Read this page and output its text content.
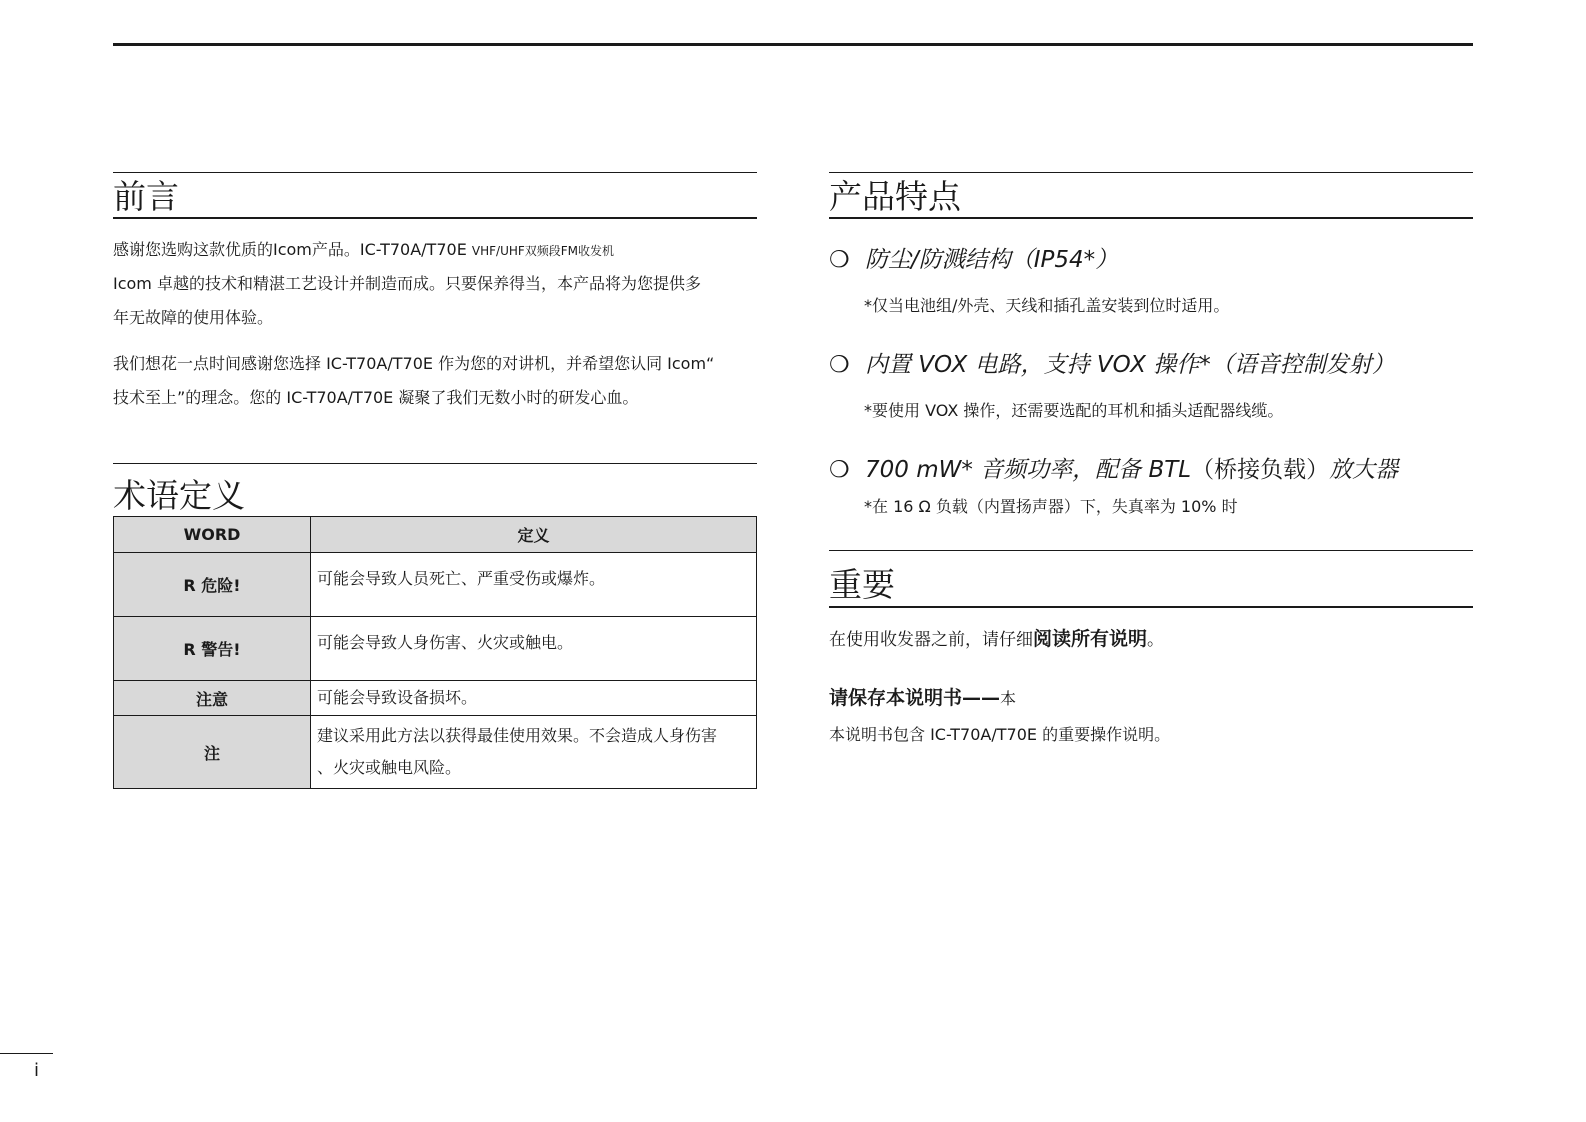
前言
感谢您选购这款优质的Icom产品。IC-T70A/T70E VHF/UHF双频段FM收发机
Icom 卓越的技术和精湛工艺设计并制造而成。只要保养得当，本产品将为您提供多
年无故障的使用体验。
我们想花一点时间感谢您选择 IC-T70A/T70E 作为您的对讲机，并希望您认同 Icom“
技术至上”的理念。您的 IC-T70A/T70E 凝聚了我们无数小时的研发心血。
术语定义
WORD	定义
R 危险!	可能会导致人员死亡、严重受伤或爆炸。
R 警告!	可能会导致人身伤害、火灾或触电。
注意	可能会导致设备损坏。
注	建议采用此方法以获得最佳使用效果。不会造成人身伤害
、火灾或触电风险。
产品特点
❍ 防尘/防溅结构（IP54*）
*仅当电池组/外壳、天线和插孔盖安装到位时适用。
❍ 内置 VOX 电路，支持 VOX 操作*（语音控制发射）
*要使用 VOX 操作，还需要选配的耳机和插头适配器线缆。
❍ 700 mW* 音频功率，配备 BTL（桥接负载）放大器
*在 16 Ω 负载（内置扬声器）下，失真率为 10% 时
重要
在使用收发器之前，请仔细阅读所有说明。
请保存本说明书——本
本说明书包含 IC-T70A/T70E 的重要操作说明。
i
